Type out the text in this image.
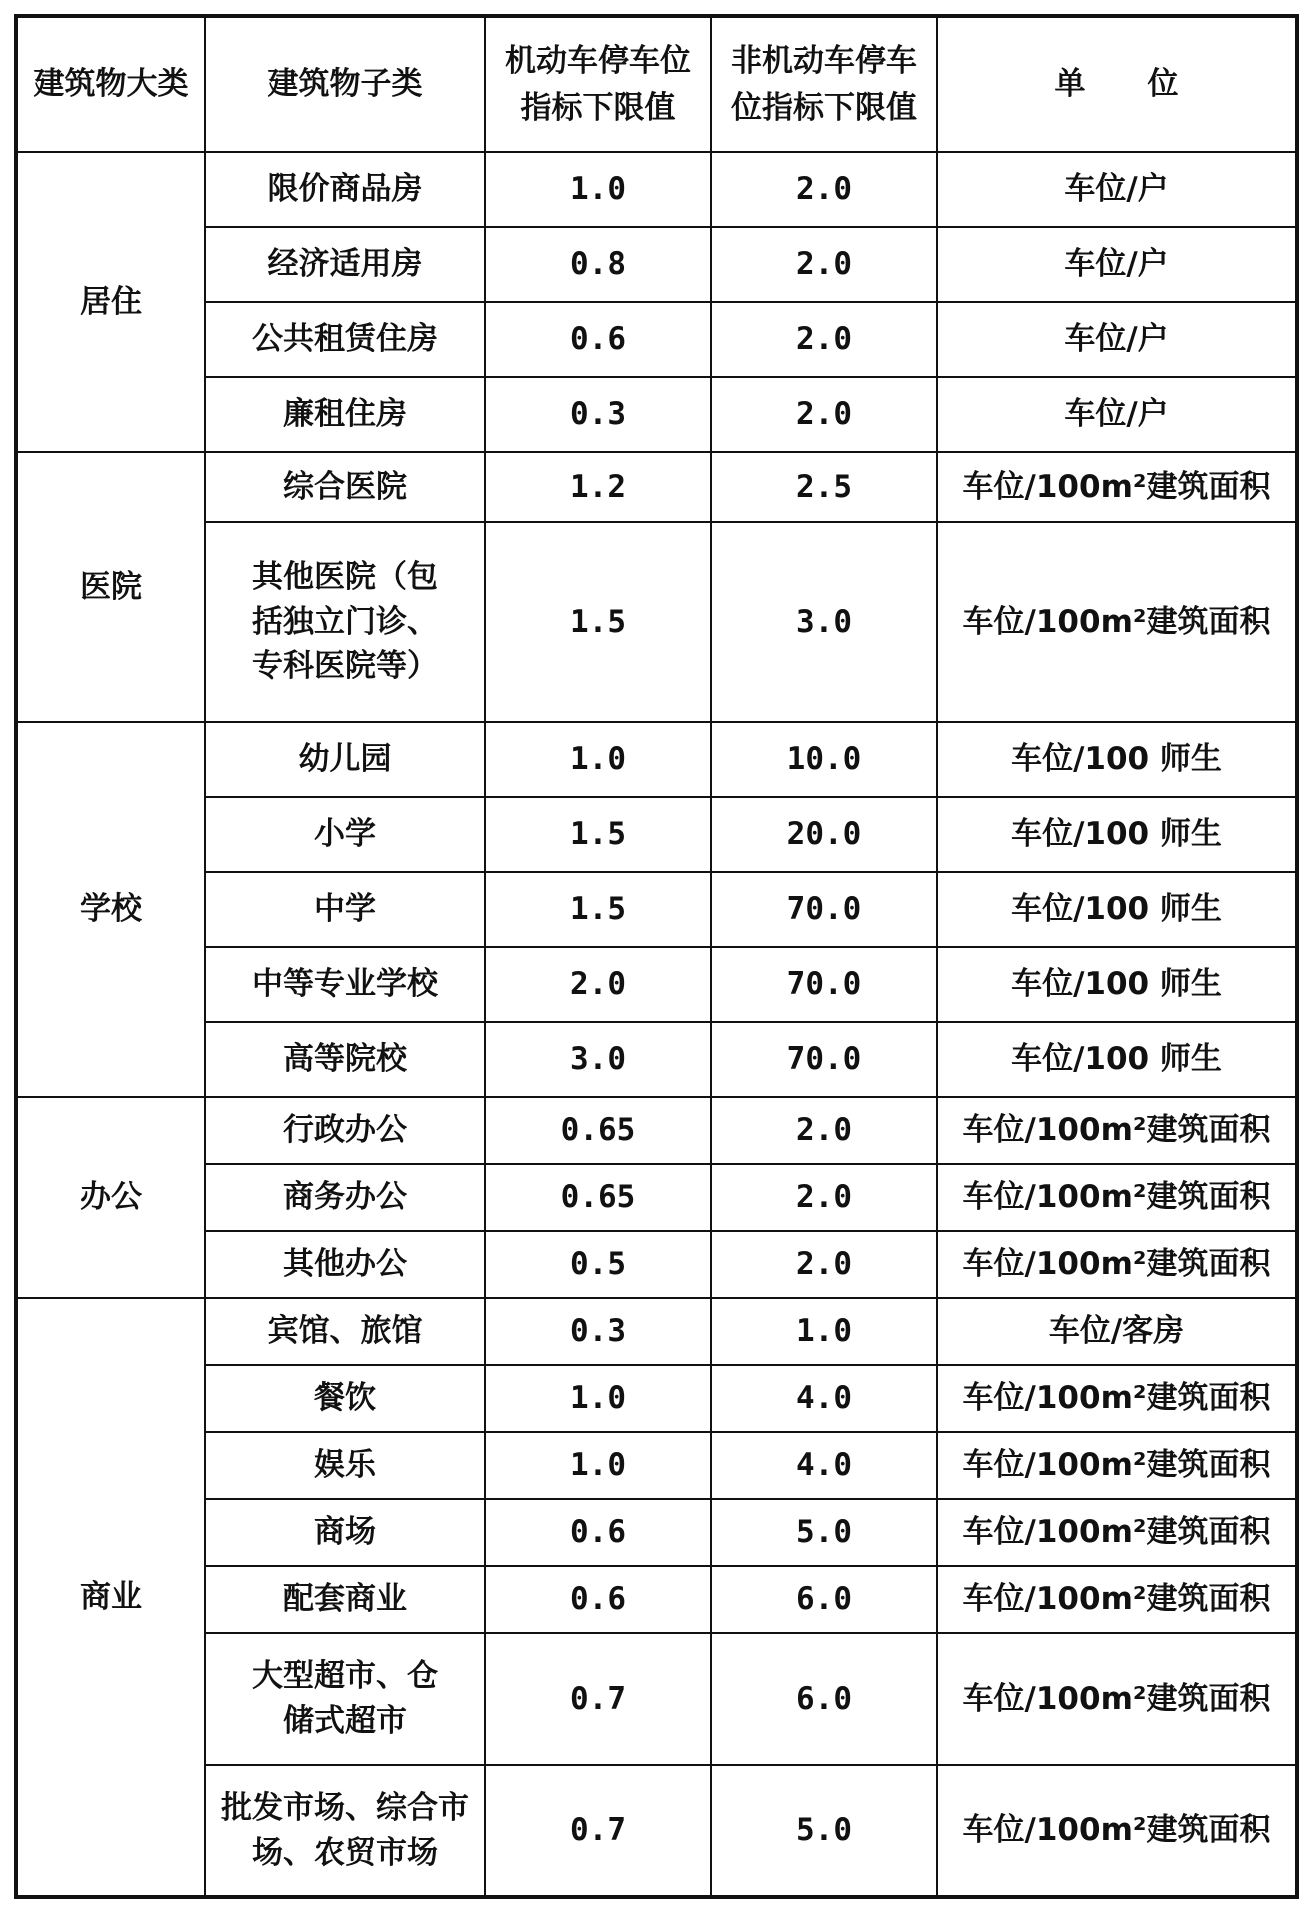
建筑物大类	建筑物子类	机动车停车位指标下限值	非机动车停车位指标下限值	单　　位
居住	限价商品房	1.0	2.0	车位/户
	经济适用房	0.8	2.0	车位/户
	公共租赁住房	0.6	2.0	车位/户
	廉租住房	0.3	2.0	车位/户
医院	综合医院	1.2	2.5	车位/100m²建筑面积
	其他医院（包括独立门诊、专科医院等）	1.5	3.0	车位/100m²建筑面积
学校	幼儿园	1.0	10.0	车位/100 师生
	小学	1.5	20.0	车位/100 师生
	中学	1.5	70.0	车位/100 师生
	中等专业学校	2.0	70.0	车位/100 师生
	高等院校	3.0	70.0	车位/100 师生
办公	行政办公	0.65	2.0	车位/100m²建筑面积
	商务办公	0.65	2.0	车位/100m²建筑面积
	其他办公	0.5	2.0	车位/100m²建筑面积
商业	宾馆、旅馆	0.3	1.0	车位/客房
	餐饮	1.0	4.0	车位/100m²建筑面积
	娱乐	1.0	4.0	车位/100m²建筑面积
	商场	0.6	5.0	车位/100m²建筑面积
	配套商业	0.6	6.0	车位/100m²建筑面积
	大型超市、仓储式超市	0.7	6.0	车位/100m²建筑面积
	批发市场、综合市场、农贸市场	0.7	5.0	车位/100m²建筑面积
